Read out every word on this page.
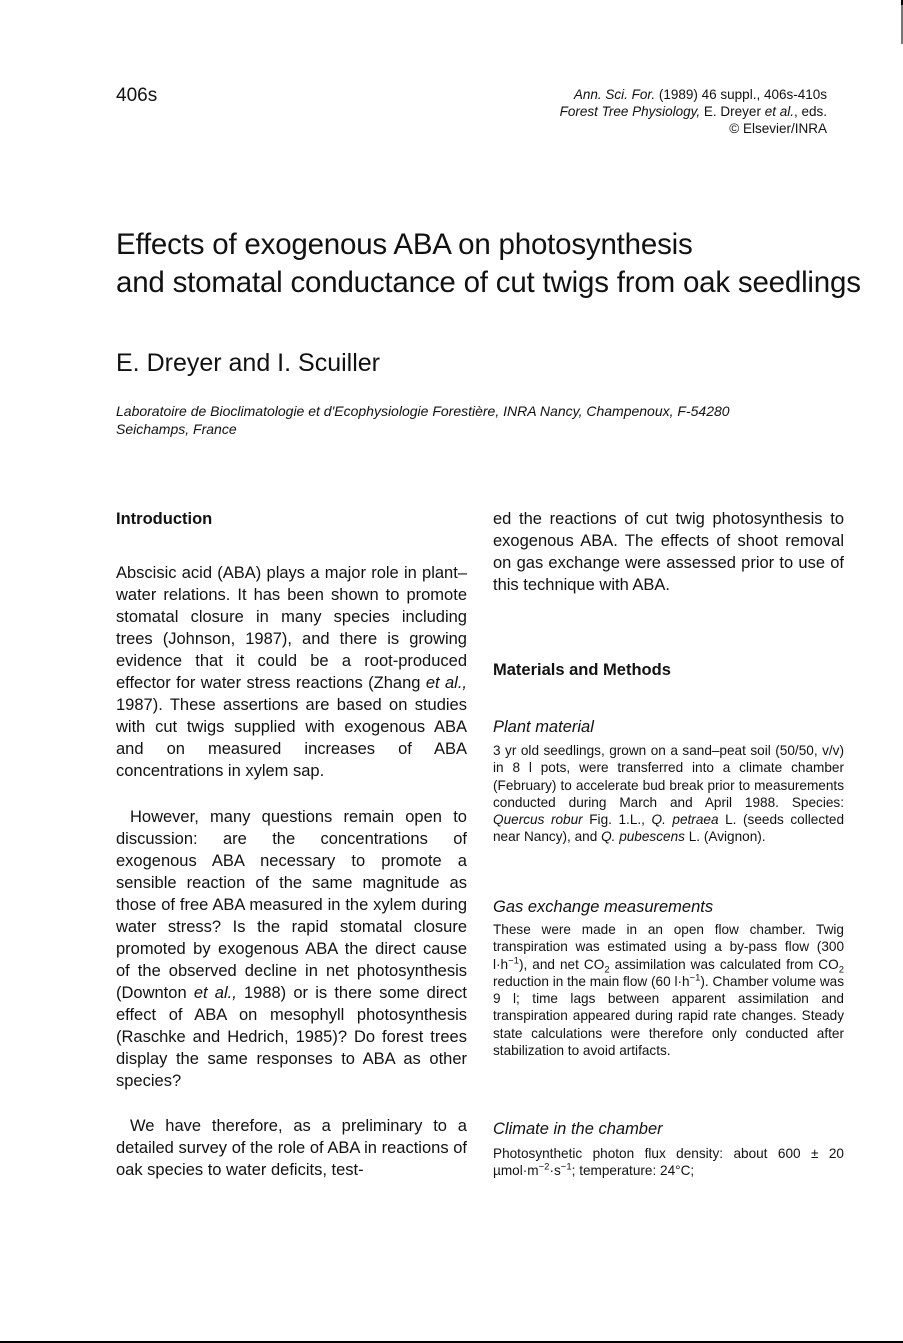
406s	Ann. Sci. For. (1989) 46 suppl., 406s-410s
Forest Tree Physiology, E. Dreyer et al., eds.
© Elsevier/INRA
Effects of exogenous ABA on photosynthesis
and stomatal conductance of cut twigs from oak seedlings
E. Dreyer and I. Scuiller
Laboratoire de Bioclimatologie et d'Ecophysiologie Forestière, INRA Nancy, Champenoux, F-54280
Seichamps, France
Introduction
Abscisic acid (ABA) plays a major role in plant–water relations. It has been shown to promote stomatal closure in many species including trees (Johnson, 1987), and there is growing evidence that it could be a root-produced effector for water stress reactions (Zhang et al., 1987). These assertions are based on studies with cut twigs supplied with exogenous ABA and on measured increases of ABA concentrations in xylem sap.
However, many questions remain open to discussion: are the concentrations of exogenous ABA necessary to promote a sensible reaction of the same magnitude as those of free ABA measured in the xylem during water stress? Is the rapid stomatal closure promoted by exogenous ABA the direct cause of the observed decline in net photosynthesis (Downton et al., 1988) or is there some direct effect of ABA on mesophyll photosynthesis (Raschke and Hedrich, 1985)? Do forest trees display the same responses to ABA as other species?
We have therefore, as a preliminary to a detailed survey of the role of ABA in reactions of oak species to water deficits, test-
ed the reactions of cut twig photosynthesis to exogenous ABA. The effects of shoot removal on gas exchange were assessed prior to use of this technique with ABA.
Materials and Methods
Plant material
3 yr old seedlings, grown on a sand–peat soil (50/50, v/v) in 8 l pots, were transferred into a climate chamber (February) to accelerate bud break prior to measurements conducted during March and April 1988. Species: Quercus robur Fig. 1.L., Q. petraea L. (seeds collected near Nancy), and Q. pubescens L. (Avignon).
Gas exchange measurements
These were made in an open flow chamber. Twig transpiration was estimated using a by-pass flow (300 $l\cdot h^{-1}$), and net $CO_2$ assimilation was calculated from $CO_2$ reduction in the main flow (60 $l\cdot h^{-1}$). Chamber volume was 9 l; time lags between apparent assimilation and transpiration appeared during rapid rate changes. Steady state calculations were therefore only conducted after stabilization to avoid artifacts.
Climate in the chamber
Photosynthetic photon flux density: about 600 ± 20 $\mu mol\cdot m^{-2}\cdot s^{-1}$; temperature: 24°C;
